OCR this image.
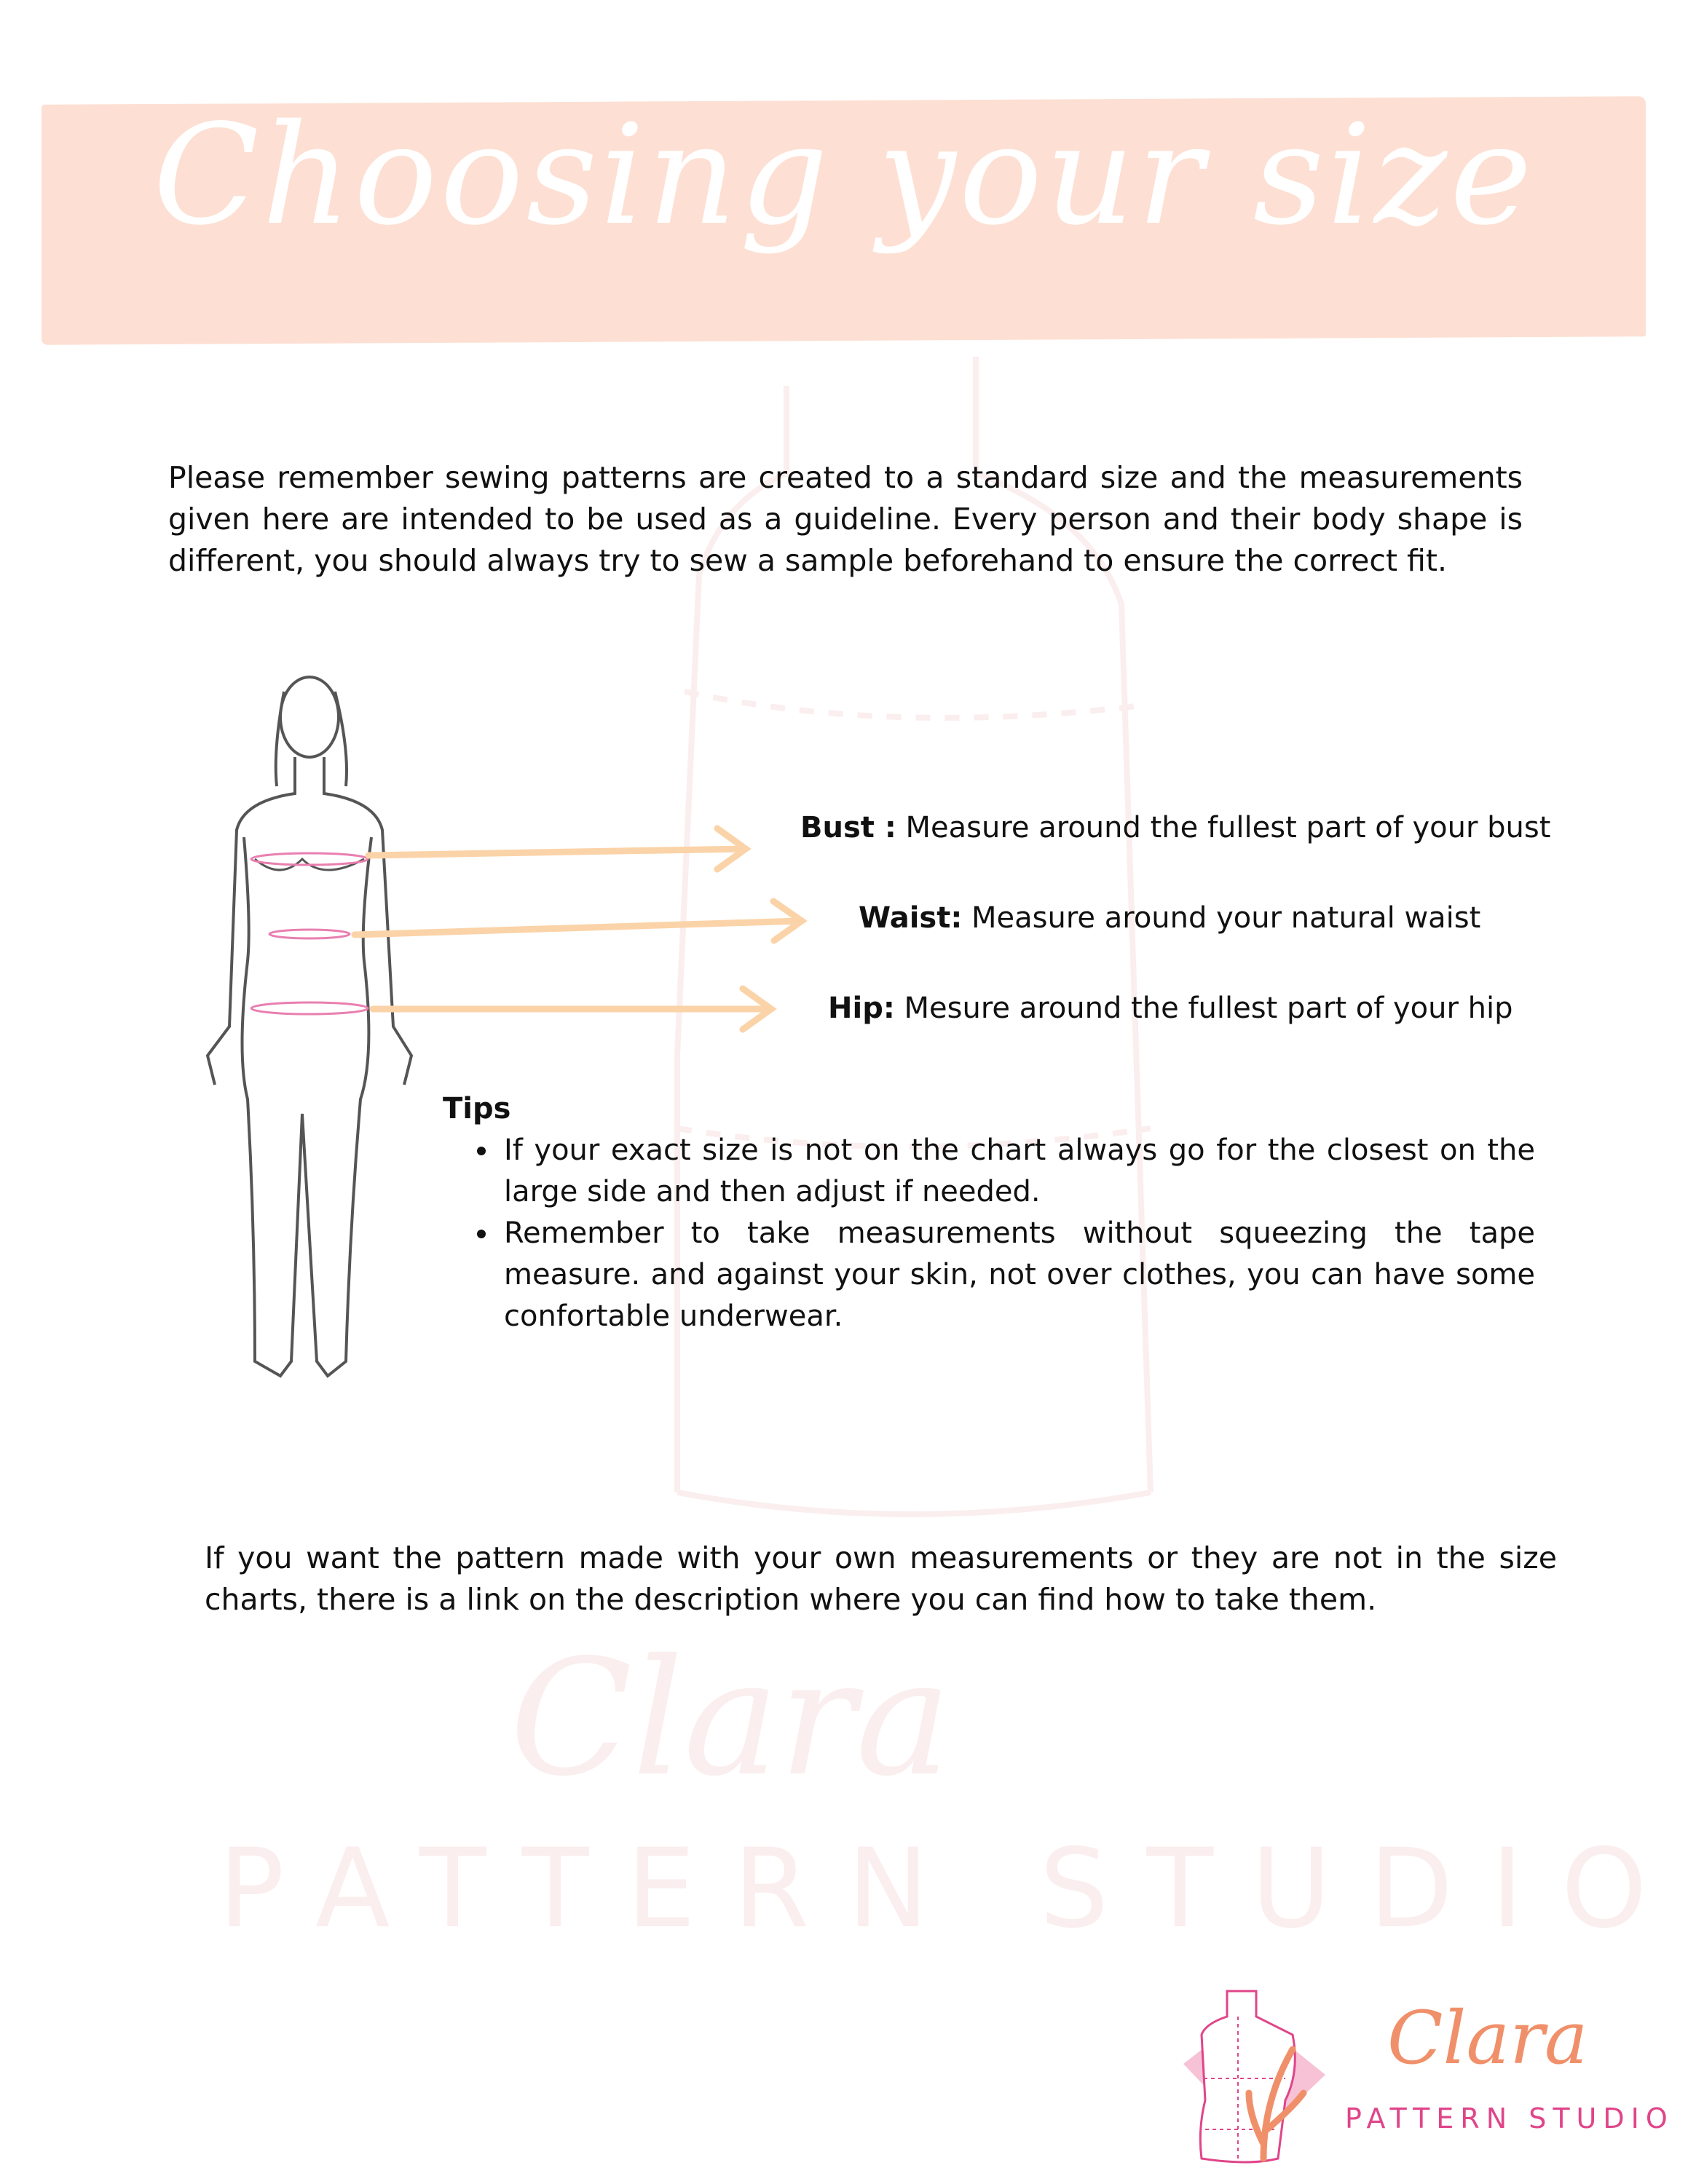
Clara
PATTERN STUDIO
Choosing your size

Please remember sewing patterns are created to a standard size and the measurements given here are intended to be used as a guideline. Every person and their body shape is different, you should always try to sew a sample beforehand to ensure the correct fit.

Bust : Measure around the fullest part of your bust
Waist: Measure around your natural waist
Hip: Mesure around the fullest part of your hip
Tips
• If your exact size is not on the chart always go for the closest on the large side and then adjust if needed.
• Remember to take measurements without squeezing the tape measure. and against your skin, not over clothes, you can have some confortable underwear.

If you want the pattern made with your own measurements or they are not in the size charts, there is a link on the description where you can find how to take them.

Clara
PATTERN STUDIO
